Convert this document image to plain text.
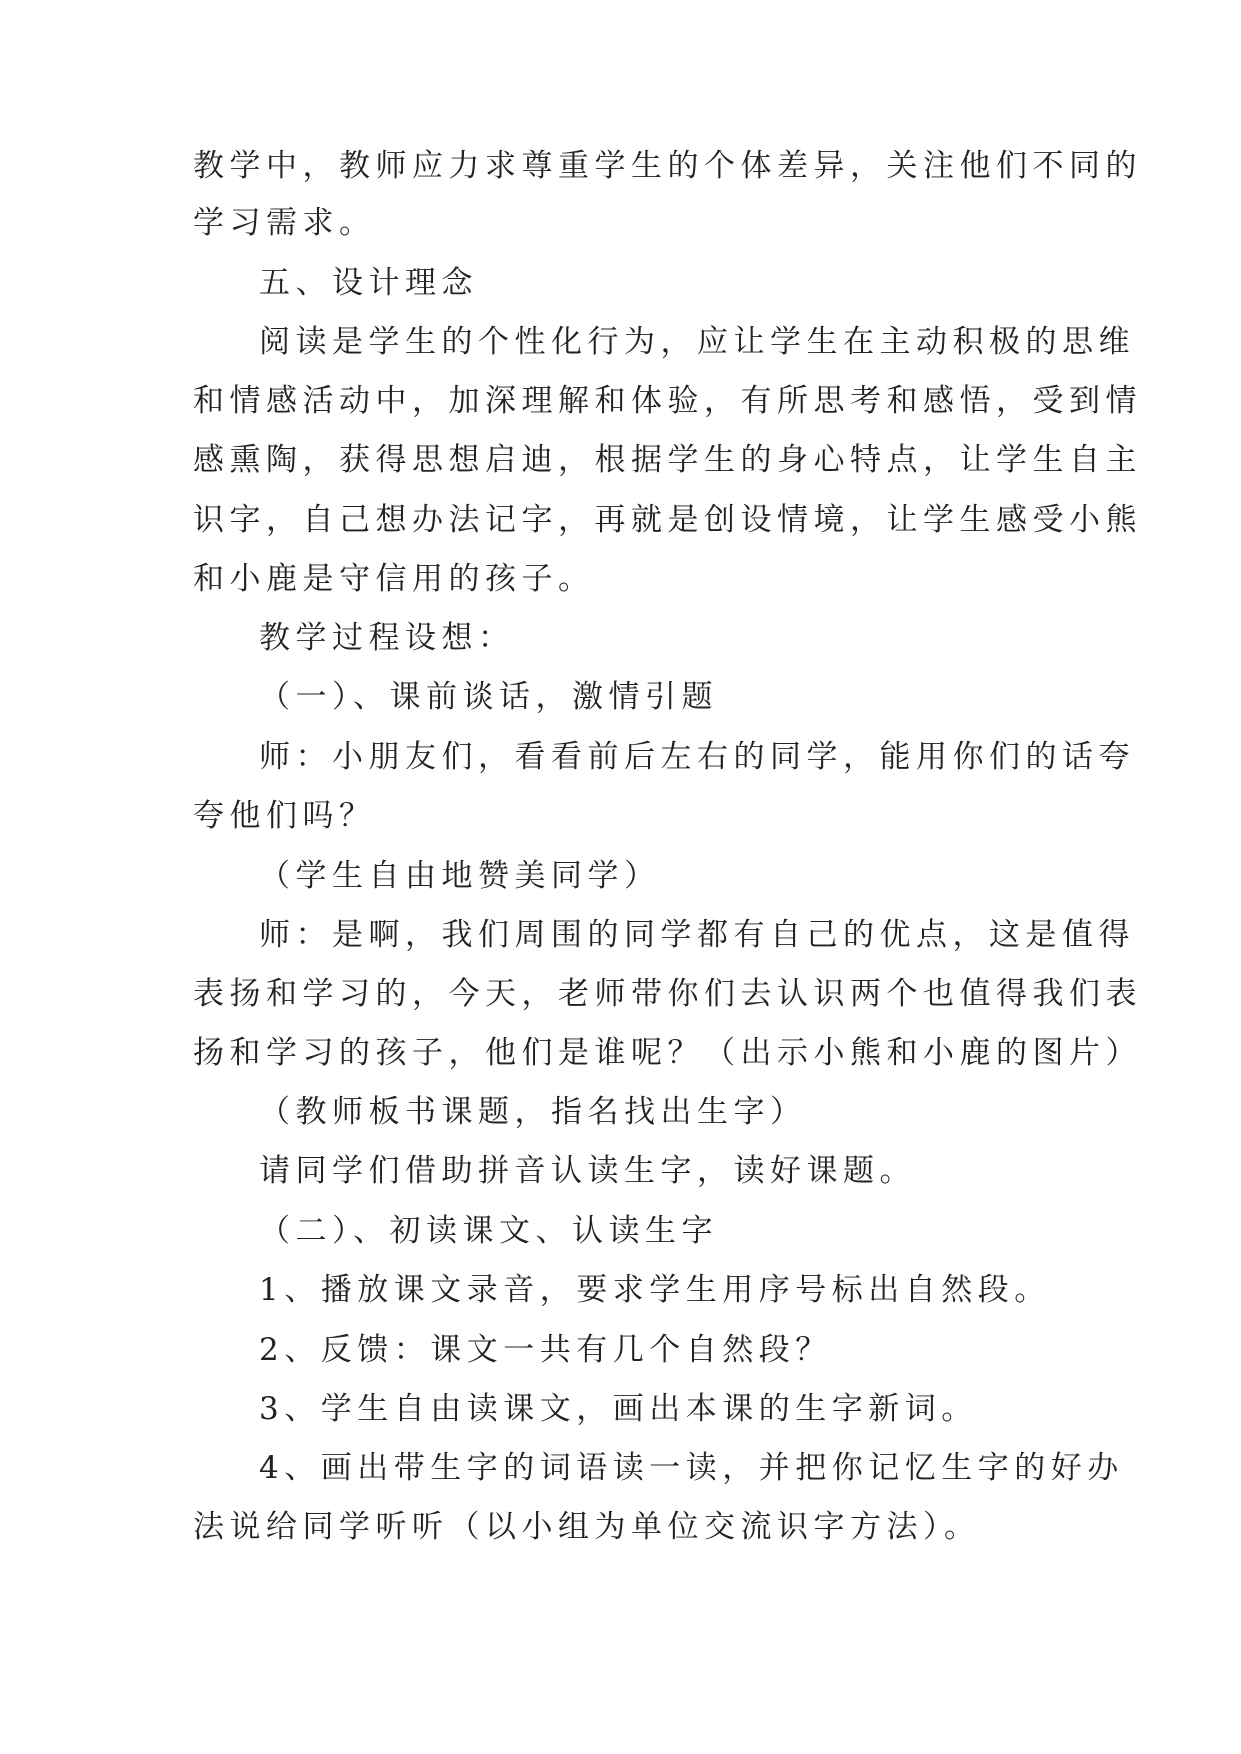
教学中，教师应力求尊重学生的个体差异，关注他们不同的
学习需求。
五、设计理念
阅读是学生的个性化行为，应让学生在主动积极的思维
和情感活动中，加深理解和体验，有所思考和感悟，受到情
感熏陶，获得思想启迪，根据学生的身心特点，让学生自主
识字，自己想办法记字，再就是创设情境，让学生感受小熊
和小鹿是守信用的孩子。
教学过程设想：
（一）、课前谈话，激情引题
师：小朋友们，看看前后左右的同学，能用你们的话夸
夸他们吗？
（学生自由地赞美同学）
师：是啊，我们周围的同学都有自己的优点，这是值得
表扬和学习的，今天，老师带你们去认识两个也值得我们表
扬和学习的孩子，他们是谁呢？（出示小熊和小鹿的图片）
（教师板书课题，指名找出生字）
请同学们借助拼音认读生字，读好课题。
（二）、初读课文、认读生字
1、播放课文录音，要求学生用序号标出自然段。
2、反馈：课文一共有几个自然段？
3、学生自由读课文，画出本课的生字新词。
4、画出带生字的词语读一读，并把你记忆生字的好办
法说给同学听听（以小组为单位交流识字方法）。
